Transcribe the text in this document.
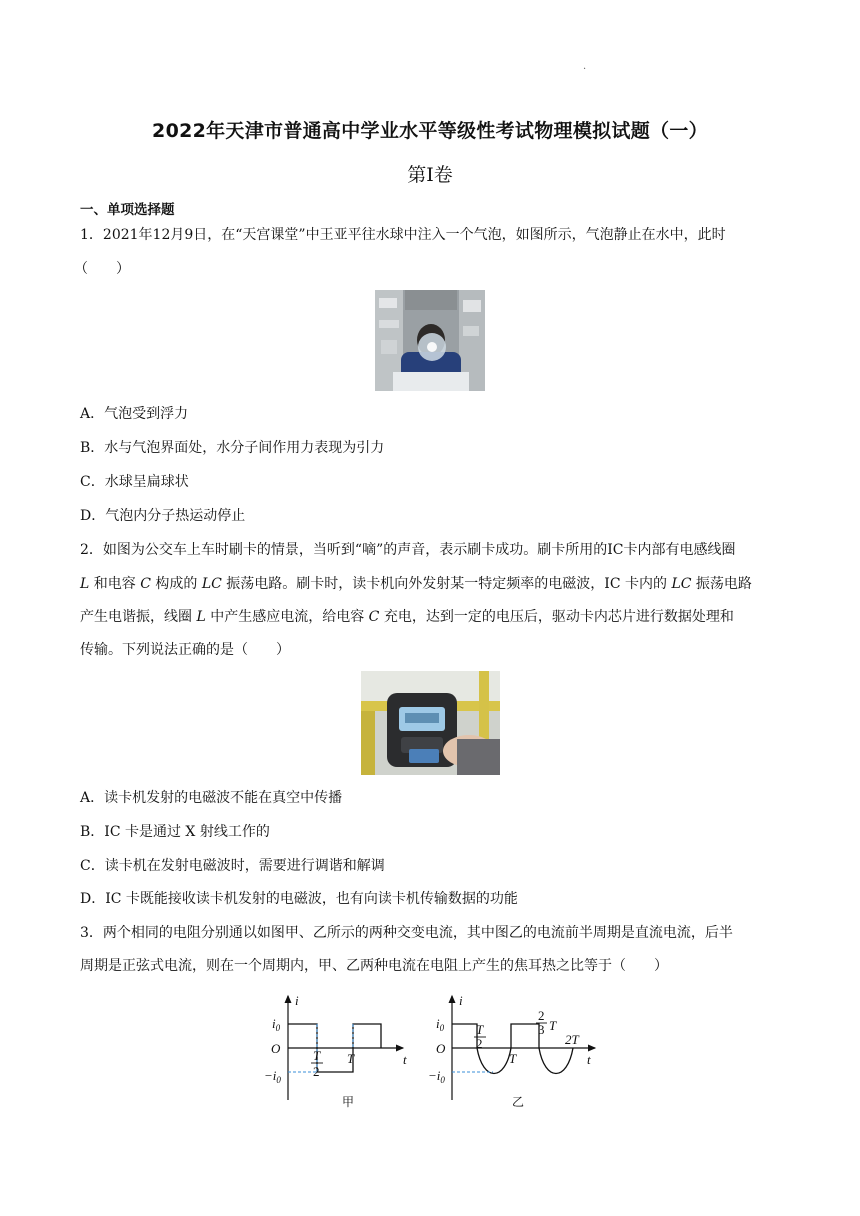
·
2022年天津市普通高中学业水平等级性考试物理模拟试题（一）
第Ⅰ卷
一、单项选择题
1．2021年12月9日，在“天宫课堂”中王亚平往水球中注入一个气泡，如图所示，气泡静止在水中，此时
（　　）
A．气泡受到浮力
B．水与气泡界面处，水分子间作用力表现为引力
C．水球呈扁球状
D．气泡内分子热运动停止
2．如图为公交车上车时刷卡的情景，当听到“嘀”的声音，表示刷卡成功。刷卡所用的IC卡内部有电感线圈
L 和电容 C 构成的 LC 振荡电路。刷卡时，读卡机向外发射某一特定频率的电磁波，IC 卡内的 LC 振荡电路
产生电谐振，线圈 L 中产生感应电流，给电容 C 充电，达到一定的电压后，驱动卡内芯片进行数据处理和
传输。下列说法正确的是（　　）
A．读卡机发射的电磁波不能在真空中传播
B．IC 卡是通过 X 射线工作的
C．读卡机在发射电磁波时，需要进行调谐和解调
D．IC 卡既能接收读卡机发射的电磁波，也有向读卡机传输数据的功能
3．两个相同的电阻分别通以如图甲、乙所示的两种交变电流，其中图乙的电流前半周期是直流电流，后半
周期是正弦式电流，则在一个周期内，甲、乙两种电流在电阻上产生的焦耳热之比等于（　　）
i
t
O
$i_0$
$-i_0$
T
2
T
甲
i
t
O
$i_0$
$-i_0$
T
2
T
2
3 T
2T
乙
